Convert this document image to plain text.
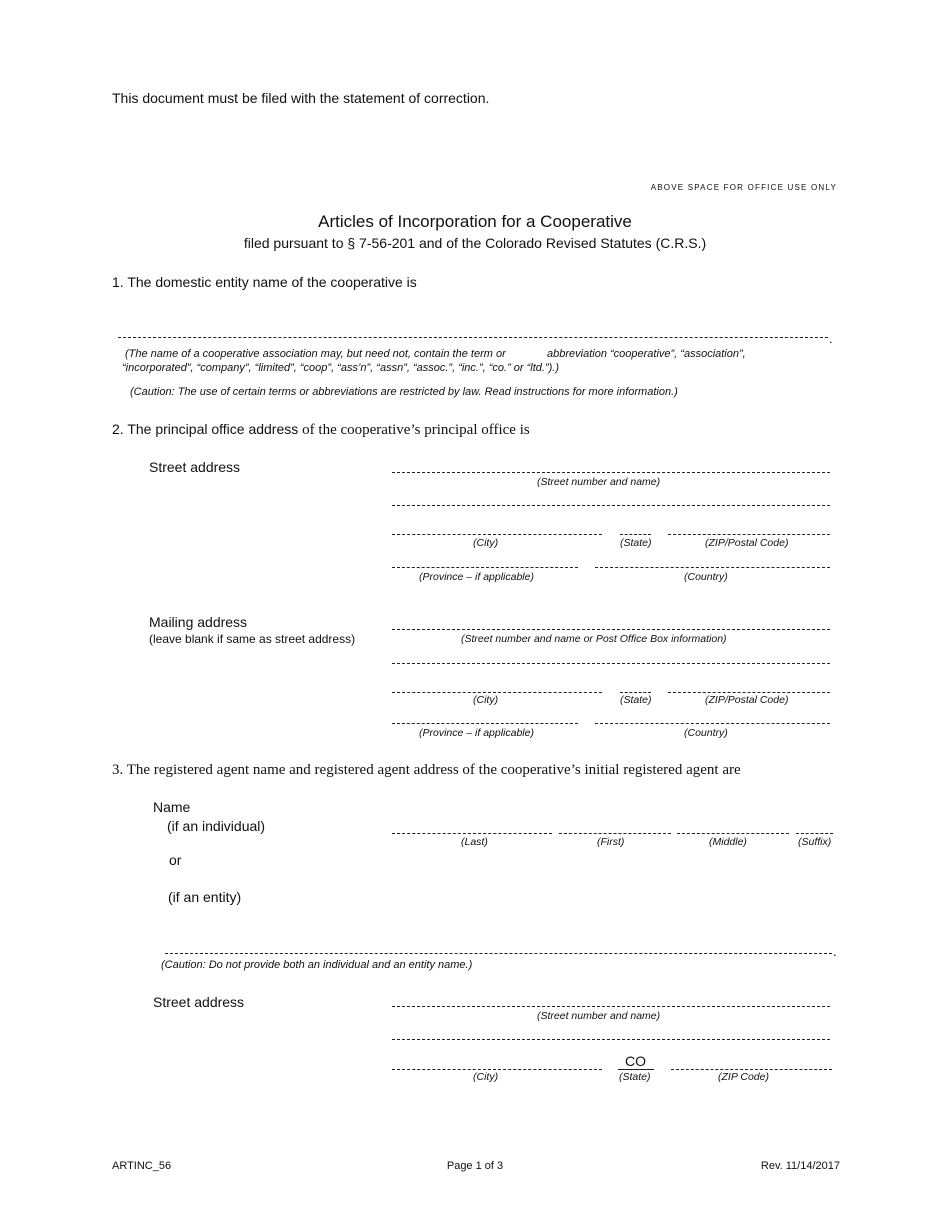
This document must be filed with the statement of correction.
ABOVE SPACE FOR OFFICE USE ONLY
Articles of Incorporation for a Cooperative
filed pursuant to § 7-56-201 and of the Colorado Revised Statutes (C.R.S.)
1. The domestic entity name of the cooperative is
.
(The name of a cooperative association may, but need not, contain the term or	abbreviation “cooperative”, “association”,
“incorporated”, “company”, “limited”, “coop”, “ass’n”, “assn”, “assoc.”, “inc.”, “co.” or “ltd.”).)
(Caution: The use of certain terms or abbreviations are restricted by law. Read instructions for more information.)
2. The principal office address of the cooperative’s principal office is
Street address
(Street number and name)
(City)	(State)	(ZIP/Postal Code)
(Province – if applicable)	(Country)
Mailing address
(leave blank if same as street address)	(Street number and name or Post Office Box information)
(City)	(State)	(ZIP/Postal Code)
(Province – if applicable)	(Country)
3. The registered agent name and registered agent address of the cooperative’s initial registered agent are
Name
(if an individual)
(Last)	(First)	(Middle)	(Suffix)
or
(if an entity)
.
(Caution: Do not provide both an individual and an entity name.)
Street address
(Street number and name)
CO
(City)	(State)	(ZIP Code)
ARTINC_56	Page 1 of 3	Rev. 11/14/2017
